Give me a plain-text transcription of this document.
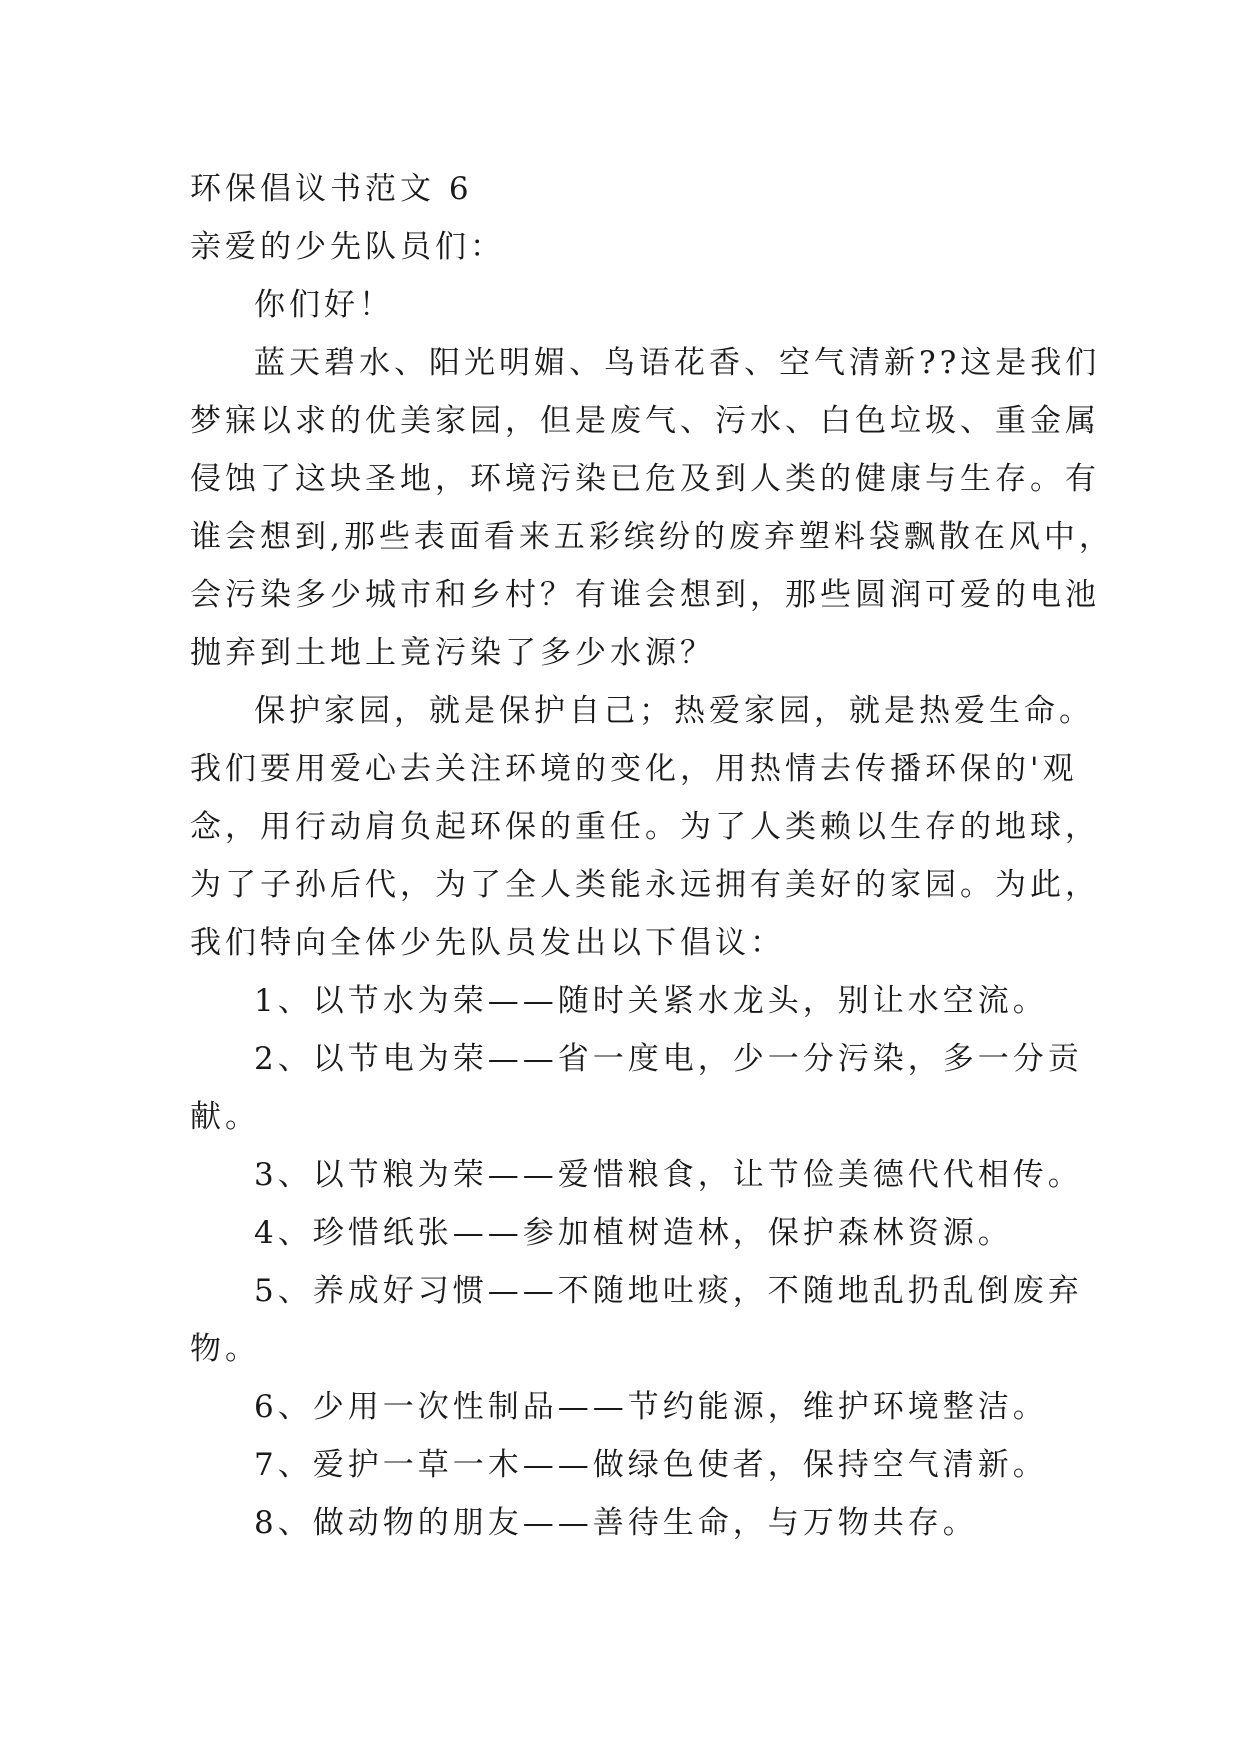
环保倡议书范文 6
亲爱的少先队员们：
你们好！
蓝天碧水、阳光明媚、鸟语花香、空气清新??这是我们
梦寐以求的优美家园，但是废气、污水、白色垃圾、重金属
侵蚀了这块圣地，环境污染已危及到人类的健康与生存。有
谁会想到,那些表面看来五彩缤纷的废弃塑料袋飘散在风中，
会污染多少城市和乡村？有谁会想到，那些圆润可爱的电池
抛弃到土地上竟污染了多少水源？
保护家园，就是保护自己；热爱家园，就是热爱生命。
我们要用爱心去关注环境的变化，用热情去传播环保的'观
念，用行动肩负起环保的重任。为了人类赖以生存的地球，
为了子孙后代，为了全人类能永远拥有美好的家园。为此，
我们特向全体少先队员发出以下倡议：
1、以节水为荣——随时关紧水龙头，别让水空流。
2、以节电为荣——省一度电，少一分污染，多一分贡
献。
3、以节粮为荣——爱惜粮食，让节俭美德代代相传。
4、珍惜纸张——参加植树造林，保护森林资源。
5、养成好习惯——不随地吐痰，不随地乱扔乱倒废弃
物。
6、少用一次性制品——节约能源，维护环境整洁。
7、爱护一草一木——做绿色使者，保持空气清新。
8、做动物的朋友——善待生命，与万物共存。
